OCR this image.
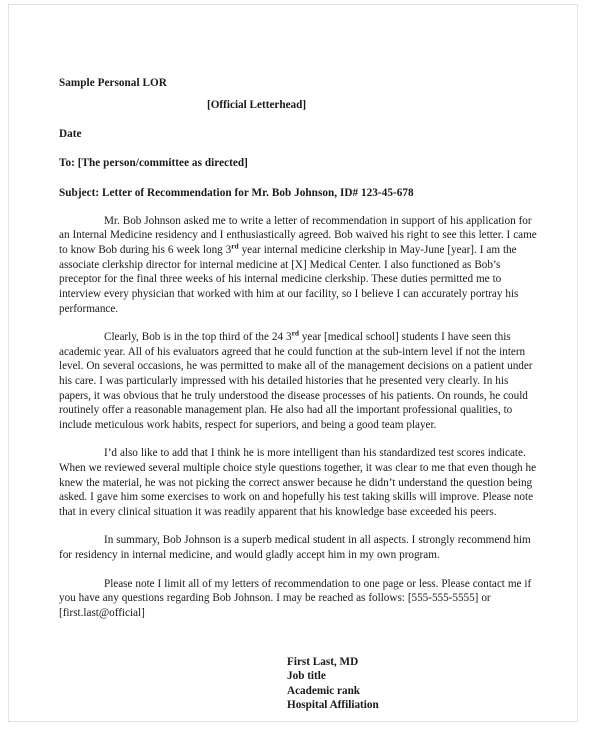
Sample Personal LOR
[Official Letterhead]
Date
To: [The person/committee as directed]
Subject: Letter of Recommendation for Mr. Bob Johnson, ID# 123-45-678

Mr. Bob Johnson asked me to write a letter of recommendation in support of his application for an Internal Medicine residency and I enthusiastically agreed. Bob waived his right to see this letter. I came to know Bob during his 6 week long 3rd year internal medicine clerkship in May-June [year]. I am the associate clerkship director for internal medicine at [X] Medical Center. I also functioned as Bob’s preceptor for the final three weeks of his internal medicine clerkship. These duties permitted me to interview every physician that worked with him at our facility, so I believe I can accurately portray his performance.

Clearly, Bob is in the top third of the 24 3rd year [medical school] students I have seen this academic year. All of his evaluators agreed that he could function at the sub-intern level if not the intern level. On several occasions, he was permitted to make all of the management decisions on a patient under his care. I was particularly impressed with his detailed histories that he presented very clearly. In his papers, it was obvious that he truly understood the disease processes of his patients. On rounds, he could routinely offer a reasonable management plan. He also had all the important professional qualities, to include meticulous work habits, respect for superiors, and being a good team player.

I’d also like to add that I think he is more intelligent than his standardized test scores indicate. When we reviewed several multiple choice style questions together, it was clear to me that even though he knew the material, he was not picking the correct answer because he didn’t understand the question being asked. I gave him some exercises to work on and hopefully his test taking skills will improve. Please note that in every clinical situation it was readily apparent that his knowledge base exceeded his peers.

In summary, Bob Johnson is a superb medical student in all aspects. I strongly recommend him for residency in internal medicine, and would gladly accept him in my own program.

Please note I limit all of my letters of recommendation to one page or less. Please contact me if you have any questions regarding Bob Johnson. I may be reached as follows: [555-555-5555] or [first.last@official]

First Last, MD
Job title
Academic rank
Hospital Affiliation
